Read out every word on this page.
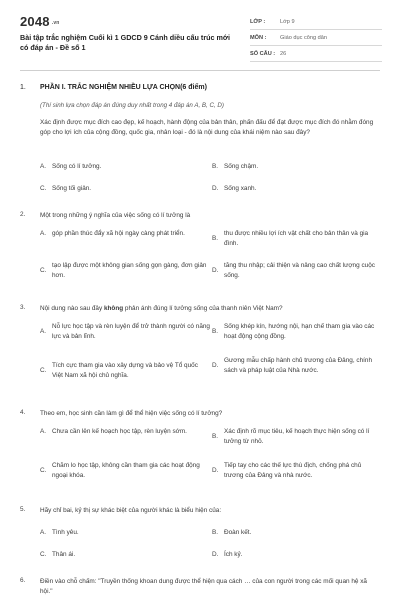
2048 .vn
Bài tập trắc nghiệm Cuối kì 1 GDCD 9 Cánh diều cấu trúc mới có đáp án - Đề số 1
LỚP :	Lớp 9
MÔN :	Giáo dục công dân
SỐ CÂU : 26
1. PHẦN I. TRẮC NGHIỆM NHIỀU LỰA CHỌN(6 điểm)
(Thí sinh lựa chọn đáp án đúng duy nhất trong 4 đáp án A, B, C, D)
Xác định được mục đích cao đẹp, kế hoạch, hành động của bản thân, phấn đấu để đạt được mục đích đó nhằm đóng góp cho lợi ích của cộng đồng, quốc gia, nhân loại - đó là nội dung của khái niệm nào sau đây?
A. Sống có lí tưởng.	B. Sống chậm.
C. Sống tối giản.	D. Sống xanh.
2.	Một trong những ý nghĩa của việc sống có lí tưởng là
A. góp phần thúc đẩy xã hội ngày càng phát triển.
B.
thu được nhiều lợi ích vật chất cho bản thân và gia đình.
C.
tạo lập được một không gian sống gọn gàng, đơn giản hơn.
D.
tăng thu nhập; cải thiện và nâng cao chất lượng cuộc sống.
3.	Nội dung nào sau đây không phản ánh đúng lí tưởng sống của thanh niên Việt Nam?
A.
Nỗ lực học tập và rèn luyện để trở thành người có năng lực và bản lĩnh.
B.
Sống khép kín, hướng nội, hạn chế tham gia vào các hoạt động cộng đồng.
C.
Tích cực tham gia vào xây dựng và bảo vệ Tổ quốc Việt Nam xã hội chủ nghĩa.
D.
Gương mẫu chấp hành chủ trương của Đảng, chính sách và pháp luật của Nhà nước.
4.	Theo em, học sinh cần làm gì để thể hiện việc sống có lí tưởng?
A. Chưa cần lên kế hoạch học tập, rèn luyện sớm.
B.
Xác định rõ mục tiêu, kế hoạch thực hiện sống có lí tưởng từ nhỏ.
C.
Chăm lo học tập, không cần tham gia các hoạt động ngoại khóa.
D.
Tiếp tay cho các thế lực thù địch, chống phá chủ trương của Đảng và nhà nước.
5.	Hãy chỉ bai, kỷ thị sự khác biệt của người khác là biểu hiện của:
A. Tình yêu.	B. Đoàn kết.
C. Thân ái.	D. Ích kỷ.
6.	Điền vào chỗ chấm: "Truyền thống khoan dung được thể hiện qua cách … của con người trong các mối quan hệ xã hội."
